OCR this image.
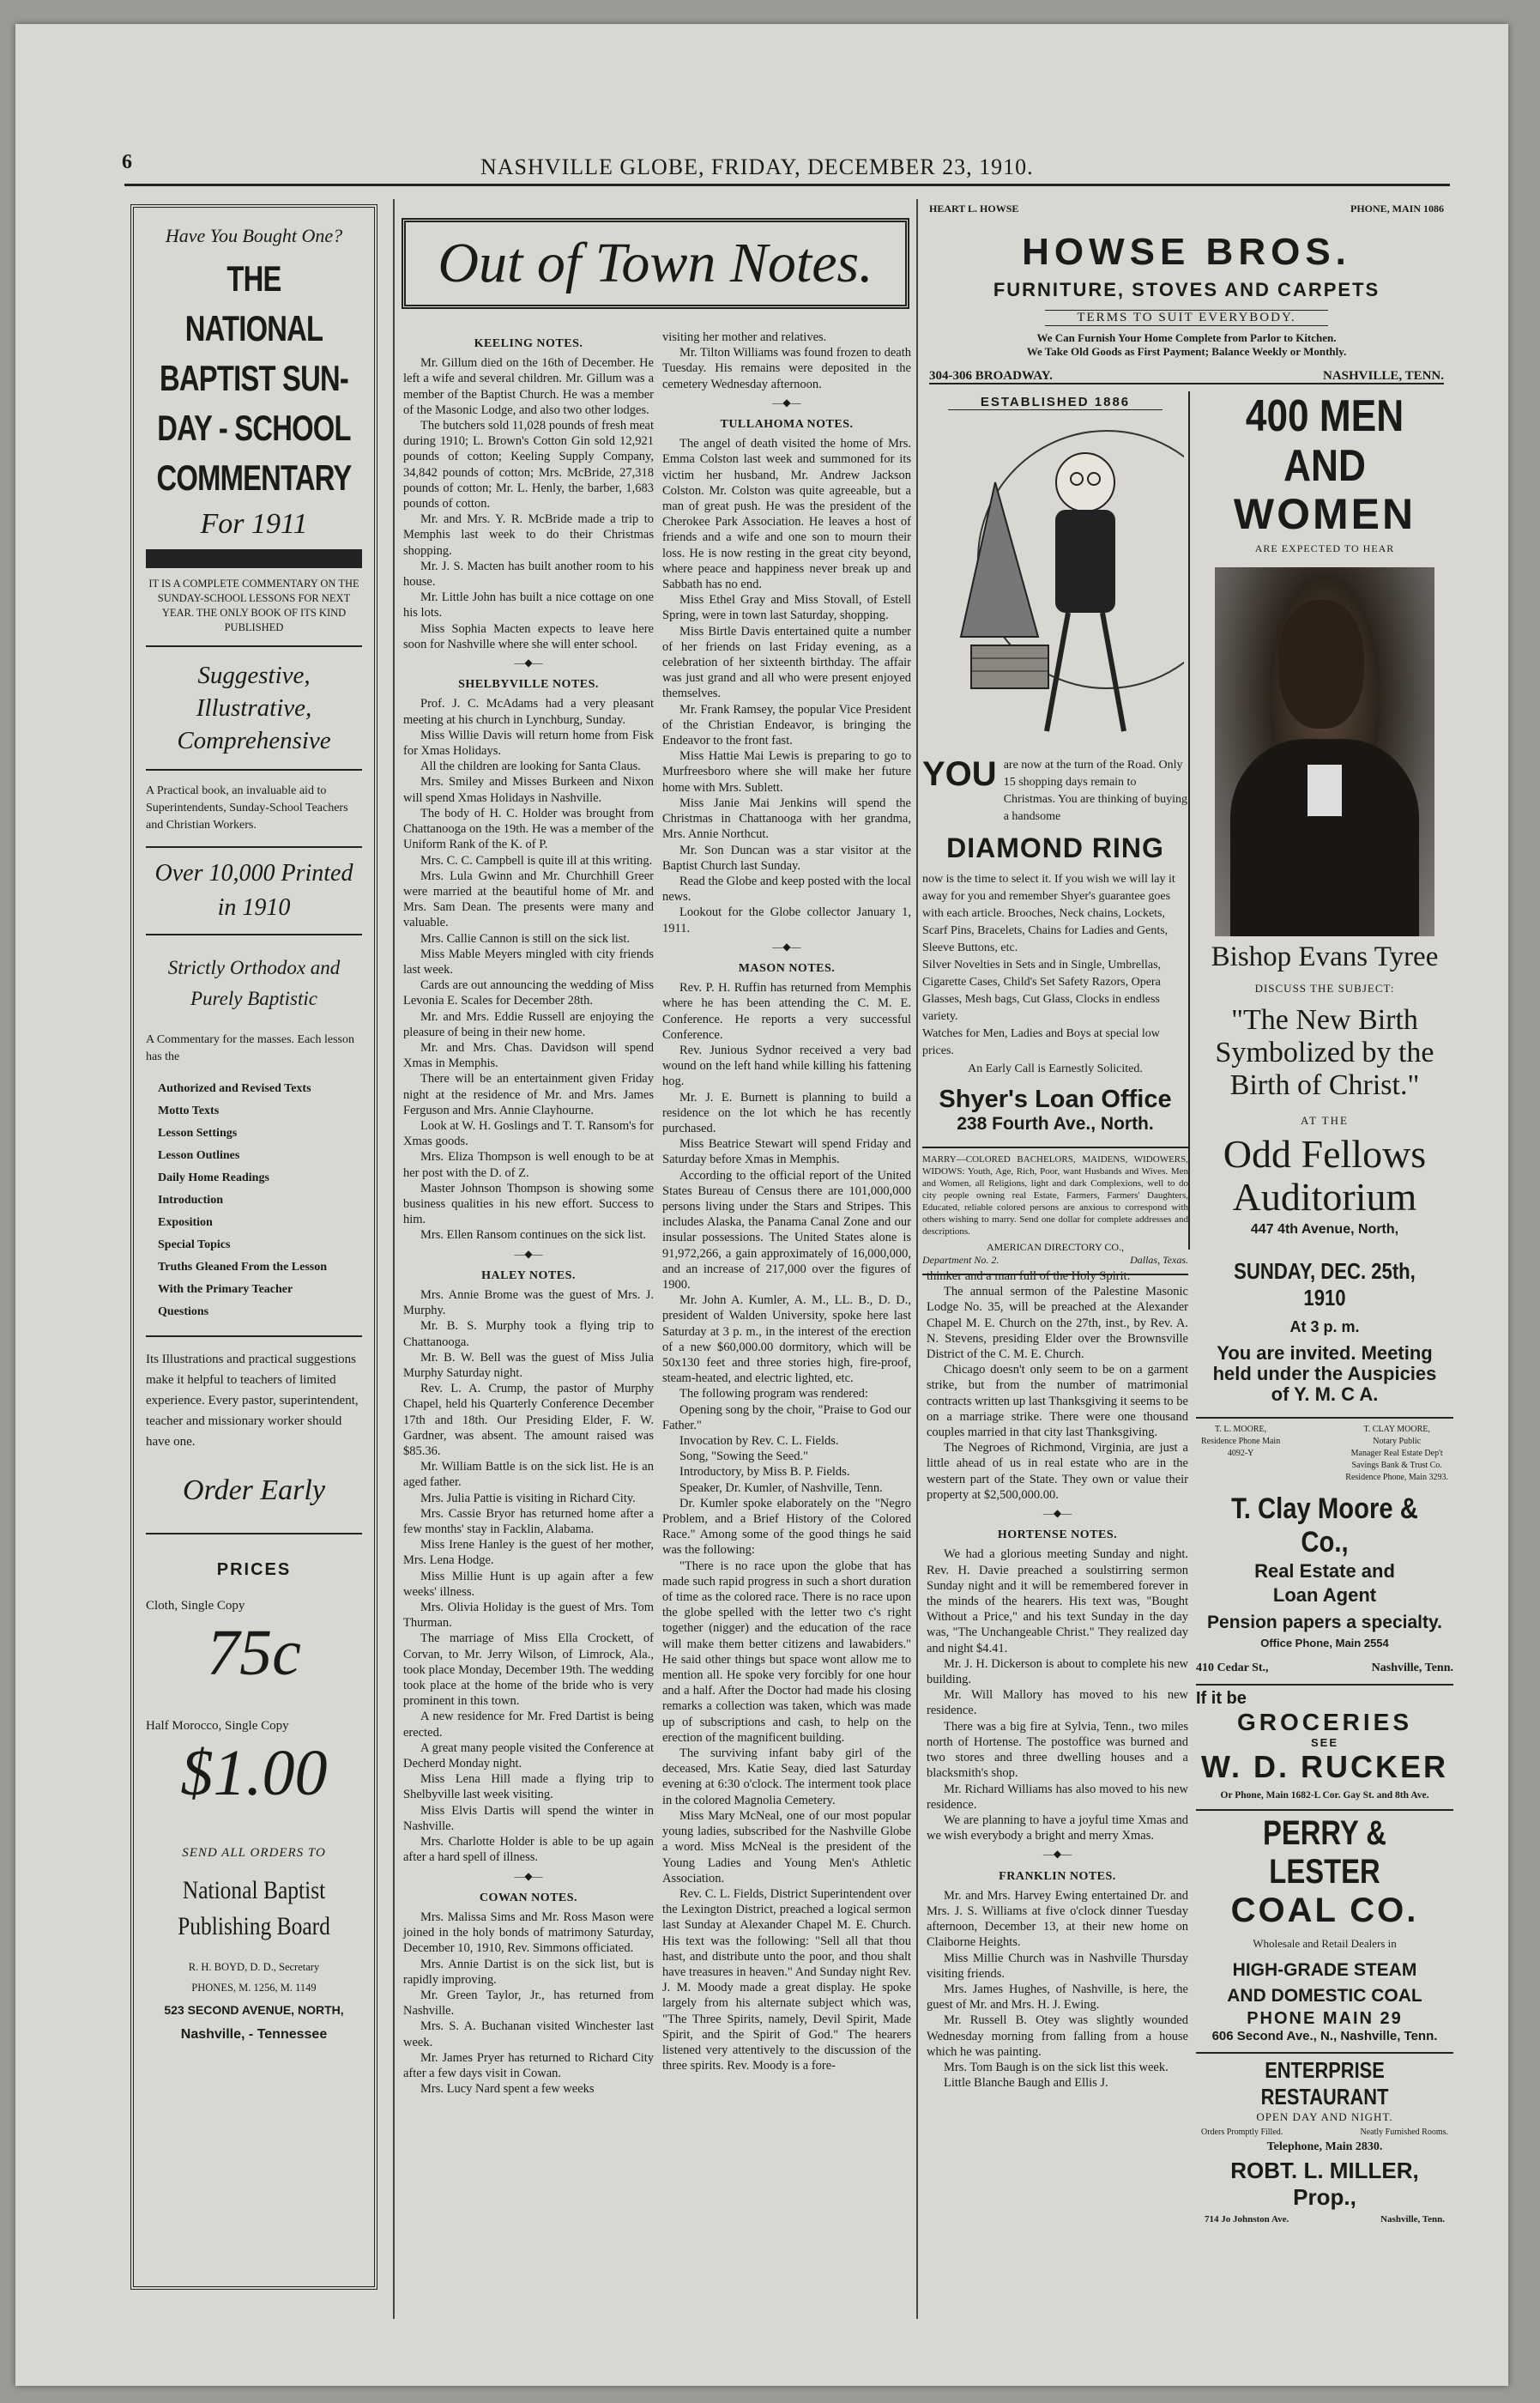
6	NASHVILLE GLOBE, FRIDAY, DECEMBER 23, 1910.
Have You Bought One?
THE NATIONAL
BAPTIST SUN-
DAY - SCHOOL
COMMENTARY
For 1911
IT IS A COMPLETE COMMENTARY ON THE SUNDAY-SCHOOL LESSONS FOR NEXT YEAR. THE ONLY BOOK OF ITS KIND PUBLISHED
Suggestive, Illustrative, Comprehensive
A Practical book, an invaluable aid to Superintendents, Sunday-School Teachers and Christian Workers.
Over 10,000 Printed in 1910
Strictly Orthodox and Purely Baptistic
A Commentary for the masses. Each lesson has the
Authorized and Revised Texts
Motto Texts
Lesson Settings
Lesson Outlines
Daily Home Readings
Introduction
Exposition
Special Topics
Truths Gleaned From the Lesson
With the Primary Teacher
Questions
Its Illustrations and practical suggestions make it helpful to teachers of limited experience. Every pastor, superintendent, teacher and missionary worker should have one.
Order Early
PRICES
Cloth, Single Copy
75c
Half Morocco, Single Copy
$1.00
SEND ALL ORDERS TO
National Baptist Publishing Board
R. H. BOYD, D. D., Secretary
PHONES, M. 1256, M. 1149
523 SECOND AVENUE, NORTH,
Nashville, - Tennessee
Out of Town Notes.
KEELING NOTES.

Mr. Gillum died on the 16th of December. He left a wife and several children. Mr. Gillum was a member of the Baptist Church. He was a member of the Masonic Lodge, and also two other lodges.

The butchers sold 11,028 pounds of fresh meat during 1910; L. Brown's Cotton Gin sold 12,921 pounds of cotton; Keeling Supply Company, 34,842 pounds of cotton; Mrs. McBride, 27,318 pounds of cotton; Mr. L. Henly, the barber, 1,683 pounds of cotton.

Mr. and Mrs. Y. R. McBride made a trip to Memphis last week to do their Christmas shopping.

Mr. J. S. Macten has built another room to his house.

Mr. Little John has built a nice cottage on one his lots.

Miss Sophia Macten expects to leave here soon for Nashville where she will enter school.

—◆—
SHELBYVILLE NOTES.

Prof. J. C. McAdams had a very pleasant meeting at his church in Lynchburg, Sunday.

Miss Willie Davis will return home from Fisk for Xmas Holidays.

All the children are looking for Santa Claus.

Mrs. Smiley and Misses Burkeen and Nixon will spend Xmas Holidays in Nashville.

The body of H. C. Holder was brought from Chattanooga on the 19th. He was a member of the Uniform Rank of the K. of P.

Mrs. C. C. Campbell is quite ill at this writing.

Mrs. Lula Gwinn and Mr. Churchhill Greer were married at the beautiful home of Mr. and Mrs. Sam Dean. The presents were many and valuable.

Mrs. Callie Cannon is still on the sick list.

Miss Mable Meyers mingled with city friends last week.

Cards are out announcing the wedding of Miss Levonia E. Scales for December 28th.

Mr. and Mrs. Eddie Russell are enjoying the pleasure of being in their new home.

Mr. and Mrs. Chas. Davidson will spend Xmas in Memphis.

There will be an entertainment given Friday night at the residence of Mr. and Mrs. James Ferguson and Mrs. Annie Clayhourne.

Look at W. H. Goslings and T. T. Ransom's for Xmas goods.

Mrs. Eliza Thompson is well enough to be at her post with the D. of Z.

Master Johnson Thompson is showing some business qualities in his new effort. Success to him.

Mrs. Ellen Ransom continues on the sick list.

—◆—
HALEY NOTES.

Mrs. Annie Brome was the guest of Mrs. J. Murphy.

Mr. B. S. Murphy took a flying trip to Chattanooga.

Mr. B. W. Bell was the guest of Miss Julia Murphy Saturday night.

Rev. L. A. Crump, the pastor of Murphy Chapel, held his Quarterly Conference December 17th and 18th. Our Presiding Elder, F. W. Gardner, was absent. The amount raised was $85.36.

Mr. William Battle is on the sick list. He is an aged father.

Mrs. Julia Pattie is visiting in Richard City.

Mrs. Cassie Bryor has returned home after a few months' stay in Facklin, Alabama.

Miss Irene Hanley is the guest of her mother, Mrs. Lena Hodge.

Miss Millie Hunt is up again after a few weeks' illness.

Mrs. Olivia Holiday is the guest of Mrs. Tom Thurman.

The marriage of Miss Ella Crockett, of Corvan, to Mr. Jerry Wilson, of Limrock, Ala., took place Monday, December 19th. The wedding took place at the home of the bride who is very prominent in this town.

A new residence for Mr. Fred Dartist is being erected.

A great many people visited the Conference at Decherd Monday night.

Miss Lena Hill made a flying trip to Shelbyville last week visiting.

Miss Elvis Dartis will spend the winter in Nashville.

Mrs. Charlotte Holder is able to be up again after a hard spell of illness.

—◆—
COWAN NOTES.

Mrs. Malissa Sims and Mr. Ross Mason were joined in the holy bonds of matrimony Saturday, December 10, 1910, Rev. Simmons officiated.

Mrs. Annie Dartist is on the sick list, but is rapidly improving.

Mr. Green Taylor, Jr., has returned from Nashville.

Mrs. S. A. Buchanan visited Winchester last week.

Mr. James Pryer has returned to Richard City after a few days visit in Cowan.

Mrs. Lucy Nard spent a few weeks

visiting her mother and relatives.

Mr. Tilton Williams was found frozen to death Tuesday. His remains were deposited in the cemetery Wednesday afternoon.

—◆—
TULLAHOMA NOTES.

The angel of death visited the home of Mrs. Emma Colston last week and summoned for its victim her husband, Mr. Andrew Jackson Colston. Mr. Colston was quite agreeable, but a man of great push. He was the president of the Cherokee Park Association. He leaves a host of friends and a wife and one son to mourn their loss. He is now resting in the great city beyond, where peace and happiness never break up and Sabbath has no end.

Miss Ethel Gray and Miss Stovall, of Estell Spring, were in town last Saturday, shopping.

Miss Birtle Davis entertained quite a number of her friends on last Friday evening, as a celebration of her sixteenth birthday. The affair was just grand and all who were present enjoyed themselves.

Mr. Frank Ramsey, the popular Vice President of the Christian Endeavor, is bringing the Endeavor to the front fast.

Miss Hattie Mai Lewis is preparing to go to Murfreesboro where she will make her future home with Mrs. Sublett.

Miss Janie Mai Jenkins will spend the Christmas in Chattanooga with her grandma, Mrs. Annie Northcut.

Mr. Son Duncan was a star visitor at the Baptist Church last Sunday.

Read the Globe and keep posted with the local news.

Lookout for the Globe collector January 1, 1911.

—◆—
MASON NOTES.

Rev. P. H. Ruffin has returned from Memphis where he has been attending the C. M. E. Conference. He reports a very successful Conference.

Rev. Junious Sydnor received a very bad wound on the left hand while killing his fattening hog.

Mr. J. E. Burnett is planning to build a residence on the lot which he has recently purchased.

Miss Beatrice Stewart will spend Friday and Saturday before Xmas in Memphis.

According to the official report of the United States Bureau of Census there are 101,000,000 persons living under the Stars and Stripes. This includes Alaska, the Panama Canal Zone and our insular possessions. The United States alone is 91,972,266, a gain approximately of 16,000,000, and an increase of 217,000 over the figures of 1900.

Mr. John A. Kumler, A. M., LL. B., D. D., president of Walden University, spoke here last Saturday at 3 p. m., in the interest of the erection of a new $60,000.00 dormitory, which will be 50x130 feet and three stories high, fire-proof, steam-heated, and electric lighted, etc.

The following program was rendered:

Opening song by the choir, "Praise to God our Father."

Invocation by Rev. C. L. Fields.

Song, "Sowing the Seed."

Introductory, by Miss B. P. Fields.

Speaker, Dr. Kumler, of Nashville, Tenn.

Dr. Kumler spoke elaborately on the "Negro Problem, and a Brief History of the Colored Race." Among some of the good things he said was the following:

"There is no race upon the globe that has made such rapid progress in such a short duration of time as the colored race. There is no race upon the globe spelled with the letter two c's right together (nigger) and the education of the race will make them better citizens and lawabiders." He said other things but space wont allow me to mention all. He spoke very forcibly for one hour and a half. After the Doctor had made his closing remarks a collection was taken, which was made up of subscriptions and cash, to help on the erection of the magnificent building.

The surviving infant baby girl of the deceased, Mrs. Katie Seay, died last Saturday evening at 6:30 o'clock. The interment took place in the colored Magnolia Cemetery.

Miss Mary McNeal, one of our most popular young ladies, subscribed for the Nashville Globe a word. Miss McNeal is the president of the Young Ladies and Young Men's Athletic Association.

Rev. C. L. Fields, District Superintendent over the Lexington District, preached a logical sermon last Sunday at Alexander Chapel M. E. Church. His text was the following: "Sell all that thou hast, and distribute unto the poor, and thou shalt have treasures in heaven." And Sunday night Rev. J. M. Moody made a great display. He spoke largely from his alternate subject which was, "The Three Spirits, namely, Devil Spirit, Made Spirit, and the Spirit of God." The hearers listened very attentively to the discussion of the three spirits. Rev. Moody is a fore-

thinker and a man full of the Holy Spirit.

The annual sermon of the Palestine Masonic Lodge No. 35, will be preached at the Alexander Chapel M. E. Church on the 27th, inst., by Rev. A. N. Stevens, presiding Elder over the Brownsville District of the C. M. E. Church.

Chicago doesn't only seem to be on a garment strike, but from the number of matrimonial contracts written up last Thanksgiving it seems to be on a marriage strike. There were one thousand couples married in that city last Thanksgiving.

The Negroes of Richmond, Virginia, are just a little ahead of us in real estate who are in the western part of the State. They own or value their property at $2,500,000.00.

—◆—
HORTENSE NOTES.

We had a glorious meeting Sunday and night. Rev. H. Davie preached a soulstirring sermon Sunday night and it will be remembered forever in the minds of the hearers. His text was, "Bought Without a Price," and his text Sunday in the day was, "The Unchangeable Christ." They realized day and night $4.41.

Mr. J. H. Dickerson is about to complete his new building.

Mr. Will Mallory has moved to his new residence.

There was a big fire at Sylvia, Tenn., two miles north of Hortense. The postoffice was burned and two stores and three dwelling houses and a blacksmith's shop.

Mr. Richard Williams has also moved to his new residence.

We are planning to have a joyful time Xmas and we wish everybody a bright and merry Xmas.

—◆—
FRANKLIN NOTES.

Mr. and Mrs. Harvey Ewing entertained Dr. and Mrs. J. S. Williams at five o'clock dinner Tuesday afternoon, December 13, at their new home on Claiborne Heights.

Miss Millie Church was in Nashville Thursday visiting friends.

Mrs. James Hughes, of Nashville, is here, the guest of Mr. and Mrs. H. J. Ewing.

Mr. Russell B. Otey was slightly wounded Wednesday morning from falling from a house which he was painting.

Mrs. Tom Baugh is on the sick list this week.

Little Blanche Baugh and Ellis J.

HEART L. HOWSE	PHONE, MAIN 1086
HOWSE BROS.
FURNITURE, STOVES AND CARPETS
TERMS TO SUIT EVERYBODY.
We Can Furnish Your Home Complete from Parlor to Kitchen.
We Take Old Goods as First Payment; Balance Weekly or Monthly.
304-306 BROADWAY.	NASHVILLE, TENN.
ESTABLISHED 1886
YOU are now at the turn of the Road. Only 15 shopping days remain to Christmas. You are thinking of buying a handsome
DIAMOND RING
now is the time to select it. If you wish we will lay it away for you and remember Shyer's guarantee goes with each article. Brooches, Neck chains, Lockets, Scarf Pins, Bracelets, Chains for Ladies and Gents, Sleeve Buttons, etc.
Silver Novelties in Sets and in Single, Umbrellas, Cigarette Cases, Child's Set Safety Razors, Opera Glasses, Mesh bags, Cut Glass, Clocks in endless variety.
Watches for Men, Ladies and Boys at special low prices.
An Early Call is Earnestly Solicited.
Shyer's Loan Office
238 Fourth Ave., North.
MARRY—COLORED BACHELORS, MAIDENS, WIDOWERS, WIDOWS: Youth, Age, Rich, Poor, want Husbands and Wives. Men and Women, all Religions, light and dark Complexions, well to do city people owning real Estate, Farmers, Farmers' Daughters, Educated, reliable colored persons are anxious to correspond with others wishing to marry. Send one dollar for complete addresses and descriptions.
AMERICAN DIRECTORY CO.,
Department No. 2.	Dallas, Texas.
400 MEN AND
WOMEN
ARE EXPECTED TO HEAR
Bishop Evans Tyree
DISCUSS THE SUBJECT:
"The New Birth Symbolized by the Birth of Christ."
AT THE
Odd Fellows Auditorium
447 4th Avenue, North,
SUNDAY, DEC. 25th, 1910
At 3 p. m.
You are invited. Meeting held under the Auspicies of Y. M. C A.
T. L. MOORE,
Residence Phone Main
4092-Y
T. CLAY MOORE,
Notary Public
Manager Real Estate Dep't
Savings Bank & Trust Co.
Residence Phone, Main 3293.
T. Clay Moore & Co.,
Real Estate and Loan Agent
Pension papers a specialty.
Office Phone, Main 2554
410 Cedar St.,	Nashville, Tenn.
If it be
GROCERIES
SEE
W. D. RUCKER
Or Phone, Main 1682-L Cor. Gay St. and 8th Ave.
PERRY & LESTER
COAL CO.
Wholesale and Retail Dealers in
HIGH-GRADE STEAM AND DOMESTIC COAL
PHONE MAIN 29
606 Second Ave., N., Nashville, Tenn.
ENTERPRISE RESTAURANT
OPEN DAY AND NIGHT.
Orders Promptly Filled.	Neatly Furnished Rooms.
Telephone, Main 2830.
ROBT. L. MILLER, Prop.,
714 Jo Johnston Ave.	Nashville, Tenn.
